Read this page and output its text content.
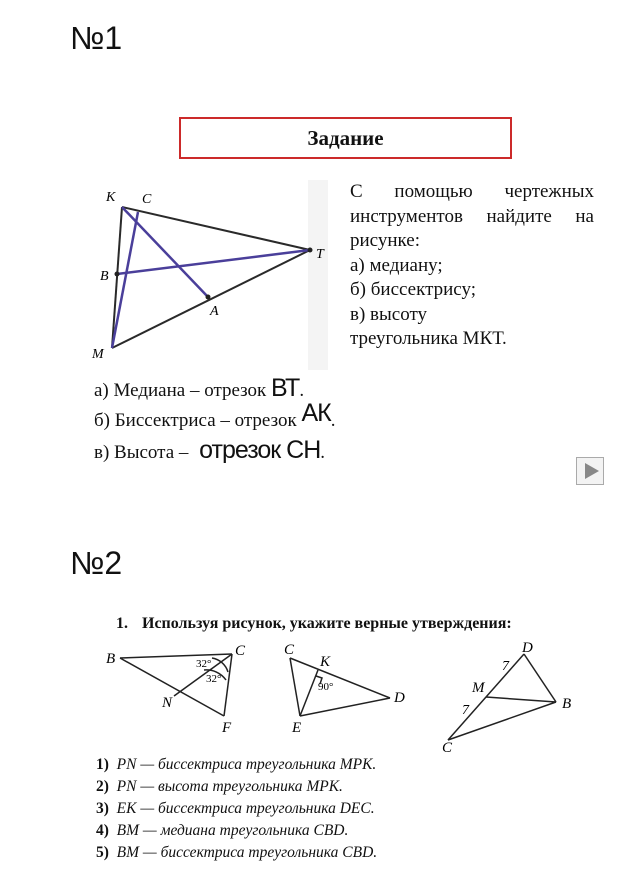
№1
Задание
K C
T
B
A
M

С помощью чертежных

инструментов найдите на

рисунке:

а) медиану;

б) биссектрису;

в) высоту

треугольника МКТ.

а) Медиана – отрезок ВТ.
б) Биссектриса – отрезок АК.
в) Высота – отрезок СН.
№2
1. Используя рисунок, укажите верные утверждения:
B	C
N
F
32°
32°
C
K
D
E
90°
D
M
B
C
7
7
1) PN — биссектриса треугольника MPK.
2) PN — высота треугольника MPK.
3) EK — биссектриса треугольника DEC.
4) BM — медиана треугольника CBD.
5) BM — биссектриса треугольника CBD.
